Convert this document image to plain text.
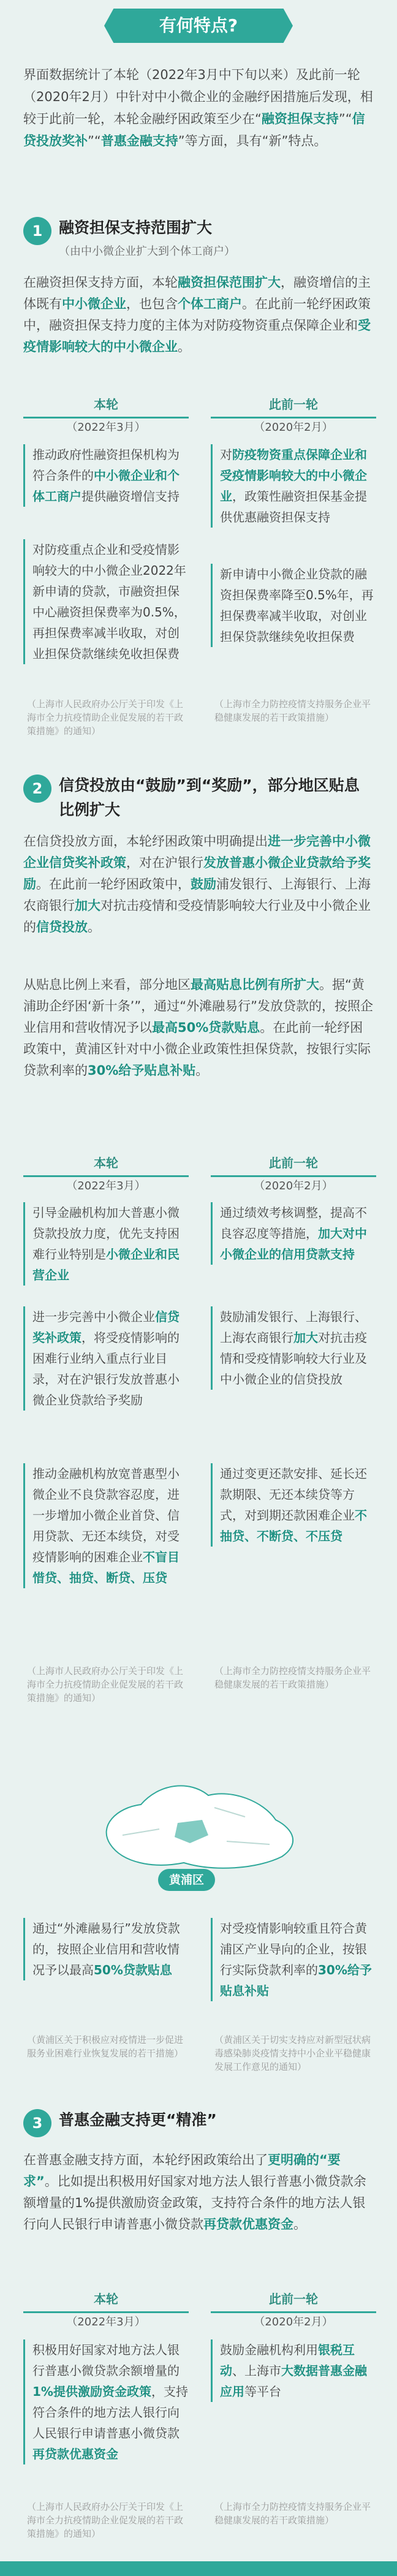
有何特点?
界面数据统计了本轮（2022年3月中下旬以来）及此前一轮（2020年2月）中针对中小微企业的金融纾困措施后发现，相较于此前一轮，本轮金融纾困政策至少在“融资担保支持”“信贷投放奖补”“普惠金融支持”等方面，具有“新”特点。
1	融资担保支持范围扩大
（由中小微企业扩大到个体工商户）
在融资担保支持方面，本轮融资担保范围扩大，融资增信的主体既有中小微企业，也包含个体工商户。在此前一轮纾困政策中，融资担保支持力度的主体为对防疫物资重点保障企业和受疫情影响较大的中小微企业。
本轮
（2022年3月）
此前一轮
（2020年2月）
推动政府性融资担保机构为符合条件的中小微企业和个体工商户提供融资增信支持
对防疫重点企业和受疫情影响较大的中小微企业2022年新申请的贷款，市融资担保中心融资担保费率为0.5%，再担保费率减半收取，对创业担保贷款继续免收担保费
（上海市人民政府办公厅关于印发《上海市全力抗疫情助企业促发展的若干政策措施》的通知）
对防疫物资重点保障企业和受疫情影响较大的中小微企业，政策性融资担保基金提供优惠融资担保支持
新申请中小微企业贷款的融资担保费率降至0.5%年，再担保费率减半收取，对创业担保贷款继续免收担保费
（上海市全力防控疫情支持服务企业平稳健康发展的若干政策措施）
2	信贷投放由“鼓励”到“奖励”，部分地区贴息比例扩大
在信贷投放方面，本轮纾困政策中明确提出进一步完善中小微企业信贷奖补政策，对在沪银行发放普惠小微企业贷款给予奖励。在此前一轮纾困政策中，鼓励浦发银行、上海银行、上海农商银行加大对抗击疫情和受疫情影响较大行业及中小微企业的信贷投放。
从贴息比例上来看，部分地区最高贴息比例有所扩大。据“黄浦助企纾困‘新十条’”，通过“外滩融易行”发放贷款的，按照企业信用和营收情况予以最高50%贷款贴息。在此前一轮纾困政策中，黄浦区针对中小微企业政策性担保贷款，按银行实际贷款利率的30%给予贴息补贴。
本轮
（2022年3月）
此前一轮
（2020年2月）
引导金融机构加大普惠小微贷款投放力度，优先支持困难行业特别是小微企业和民营企业
进一步完善中小微企业信贷奖补政策，将受疫情影响的困难行业纳入重点行业目录，对在沪银行发放普惠小微企业贷款给予奖励
推动金融机构放宽普惠型小微企业不良贷款容忍度，进一步增加小微企业首贷、信用贷款、无还本续贷，对受疫情影响的困难企业不盲目惜贷、抽贷、断贷、压贷
（上海市人民政府办公厅关于印发《上海市全力抗疫情助企业促发展的若干政策措施》的通知）
通过绩效考核调整，提高不良容忍度等措施，加大对中小微企业的信用贷款支持
鼓励浦发银行、上海银行、上海农商银行加大对抗击疫情和受疫情影响较大行业及中小微企业的信贷投放
通过变更还款安排、延长还款期限、无还本续贷等方式，对到期还款困难企业不抽贷、不断贷、不压贷
（上海市全力防控疫情支持服务企业平稳健康发展的若干政策措施）
黄浦区
通过“外滩融易行”发放贷款的，按照企业信用和营收情况予以最高50%贷款贴息
（黄浦区关于积极应对疫情进一步促进服务业困难行业恢复发展的若干措施）
对受疫情影响较重且符合黄浦区产业导向的企业，按银行实际贷款利率的30%给予贴息补贴
（黄浦区关于切实支持应对新型冠状病毒感染肺炎疫情支持中小企业平稳健康发展工作意见的通知）
3	普惠金融支持更“精准”
在普惠金融支持方面，本轮纾困政策给出了更明确的“要求”。比如提出积极用好国家对地方法人银行普惠小微贷款余额增量的1%提供激励资金政策，支持符合条件的地方法人银行向人民银行申请普惠小微贷款再贷款优惠资金。
本轮
（2022年3月）
此前一轮
（2020年2月）
积极用好国家对地方法人银行普惠小微贷款余额增量的1%提供激励资金政策，支持符合条件的地方法人银行向人民银行申请普惠小微贷款再贷款优惠资金
（上海市人民政府办公厅关于印发《上海市全力抗疫情助企业促发展的若干政策措施》的通知）
鼓励金融机构利用银税互动、上海市大数据普惠金融应用等平台
（上海市全力防控疫情支持服务企业平稳健康发展的若干政策措施）
